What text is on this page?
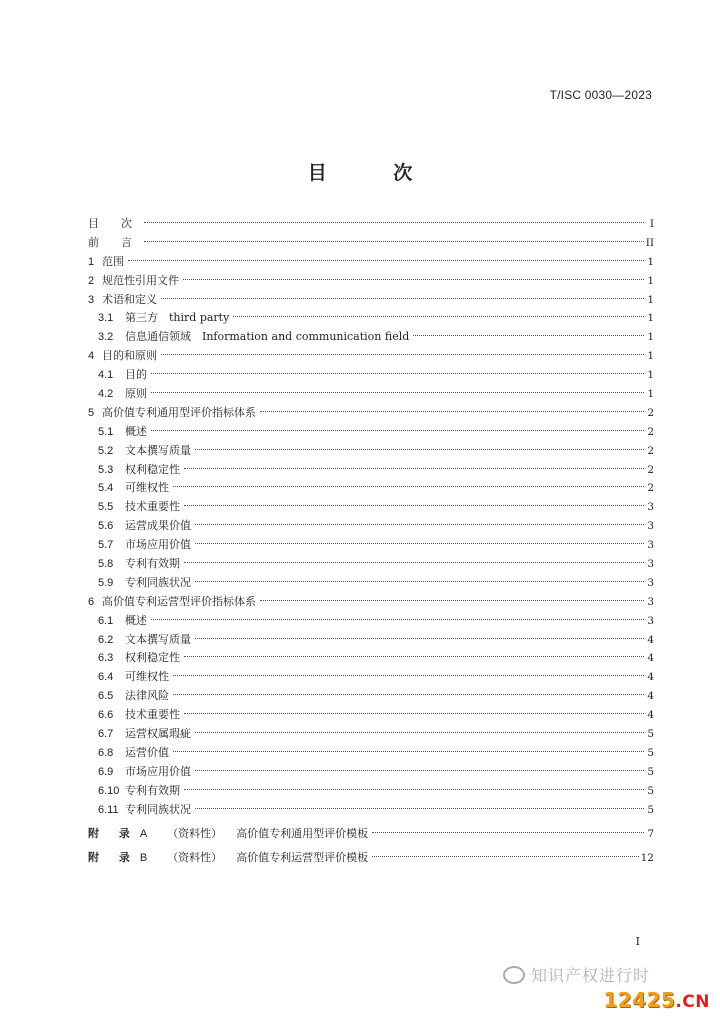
T/ISC 0030—2023
目 次
目 次	I
前 言	II
1 范围	1
2 规范性引用文件	1
3 术语和定义	1
3.1	第三方　third party	1
3.2	信息通信领域　Information and communication field	1
4 目的和原则	1
4.1	目的	1
4.2	原则	1
5 高价值专利通用型评价指标体系	2
5.1	概述	2
5.2	文本撰写质量	2
5.3	权利稳定性	2
5.4	可维权性	2
5.5	技术重要性	3
5.6	运营成果价值	3
5.7	市场应用价值	3
5.8	专利有效期	3
5.9	专利同族状况	3
6 高价值专利运营型评价指标体系	3
6.1	概述	3
6.2	文本撰写质量	4
6.3	权利稳定性	4
6.4	可维权性	4
6.5	法律风险	4
6.6	技术重要性	4
6.7	运营权属瑕疵	5
6.8	运营价值	5
6.9	市场应用价值	5
6.10 专利有效期	5
6.11 专利同族状况	5
附 录 A （资料性） 高价值专利通用型评价模板	7
附 录 B （资料性） 高价值专利运营型评价模板	12
I
知识产权进行时
12425.CN
